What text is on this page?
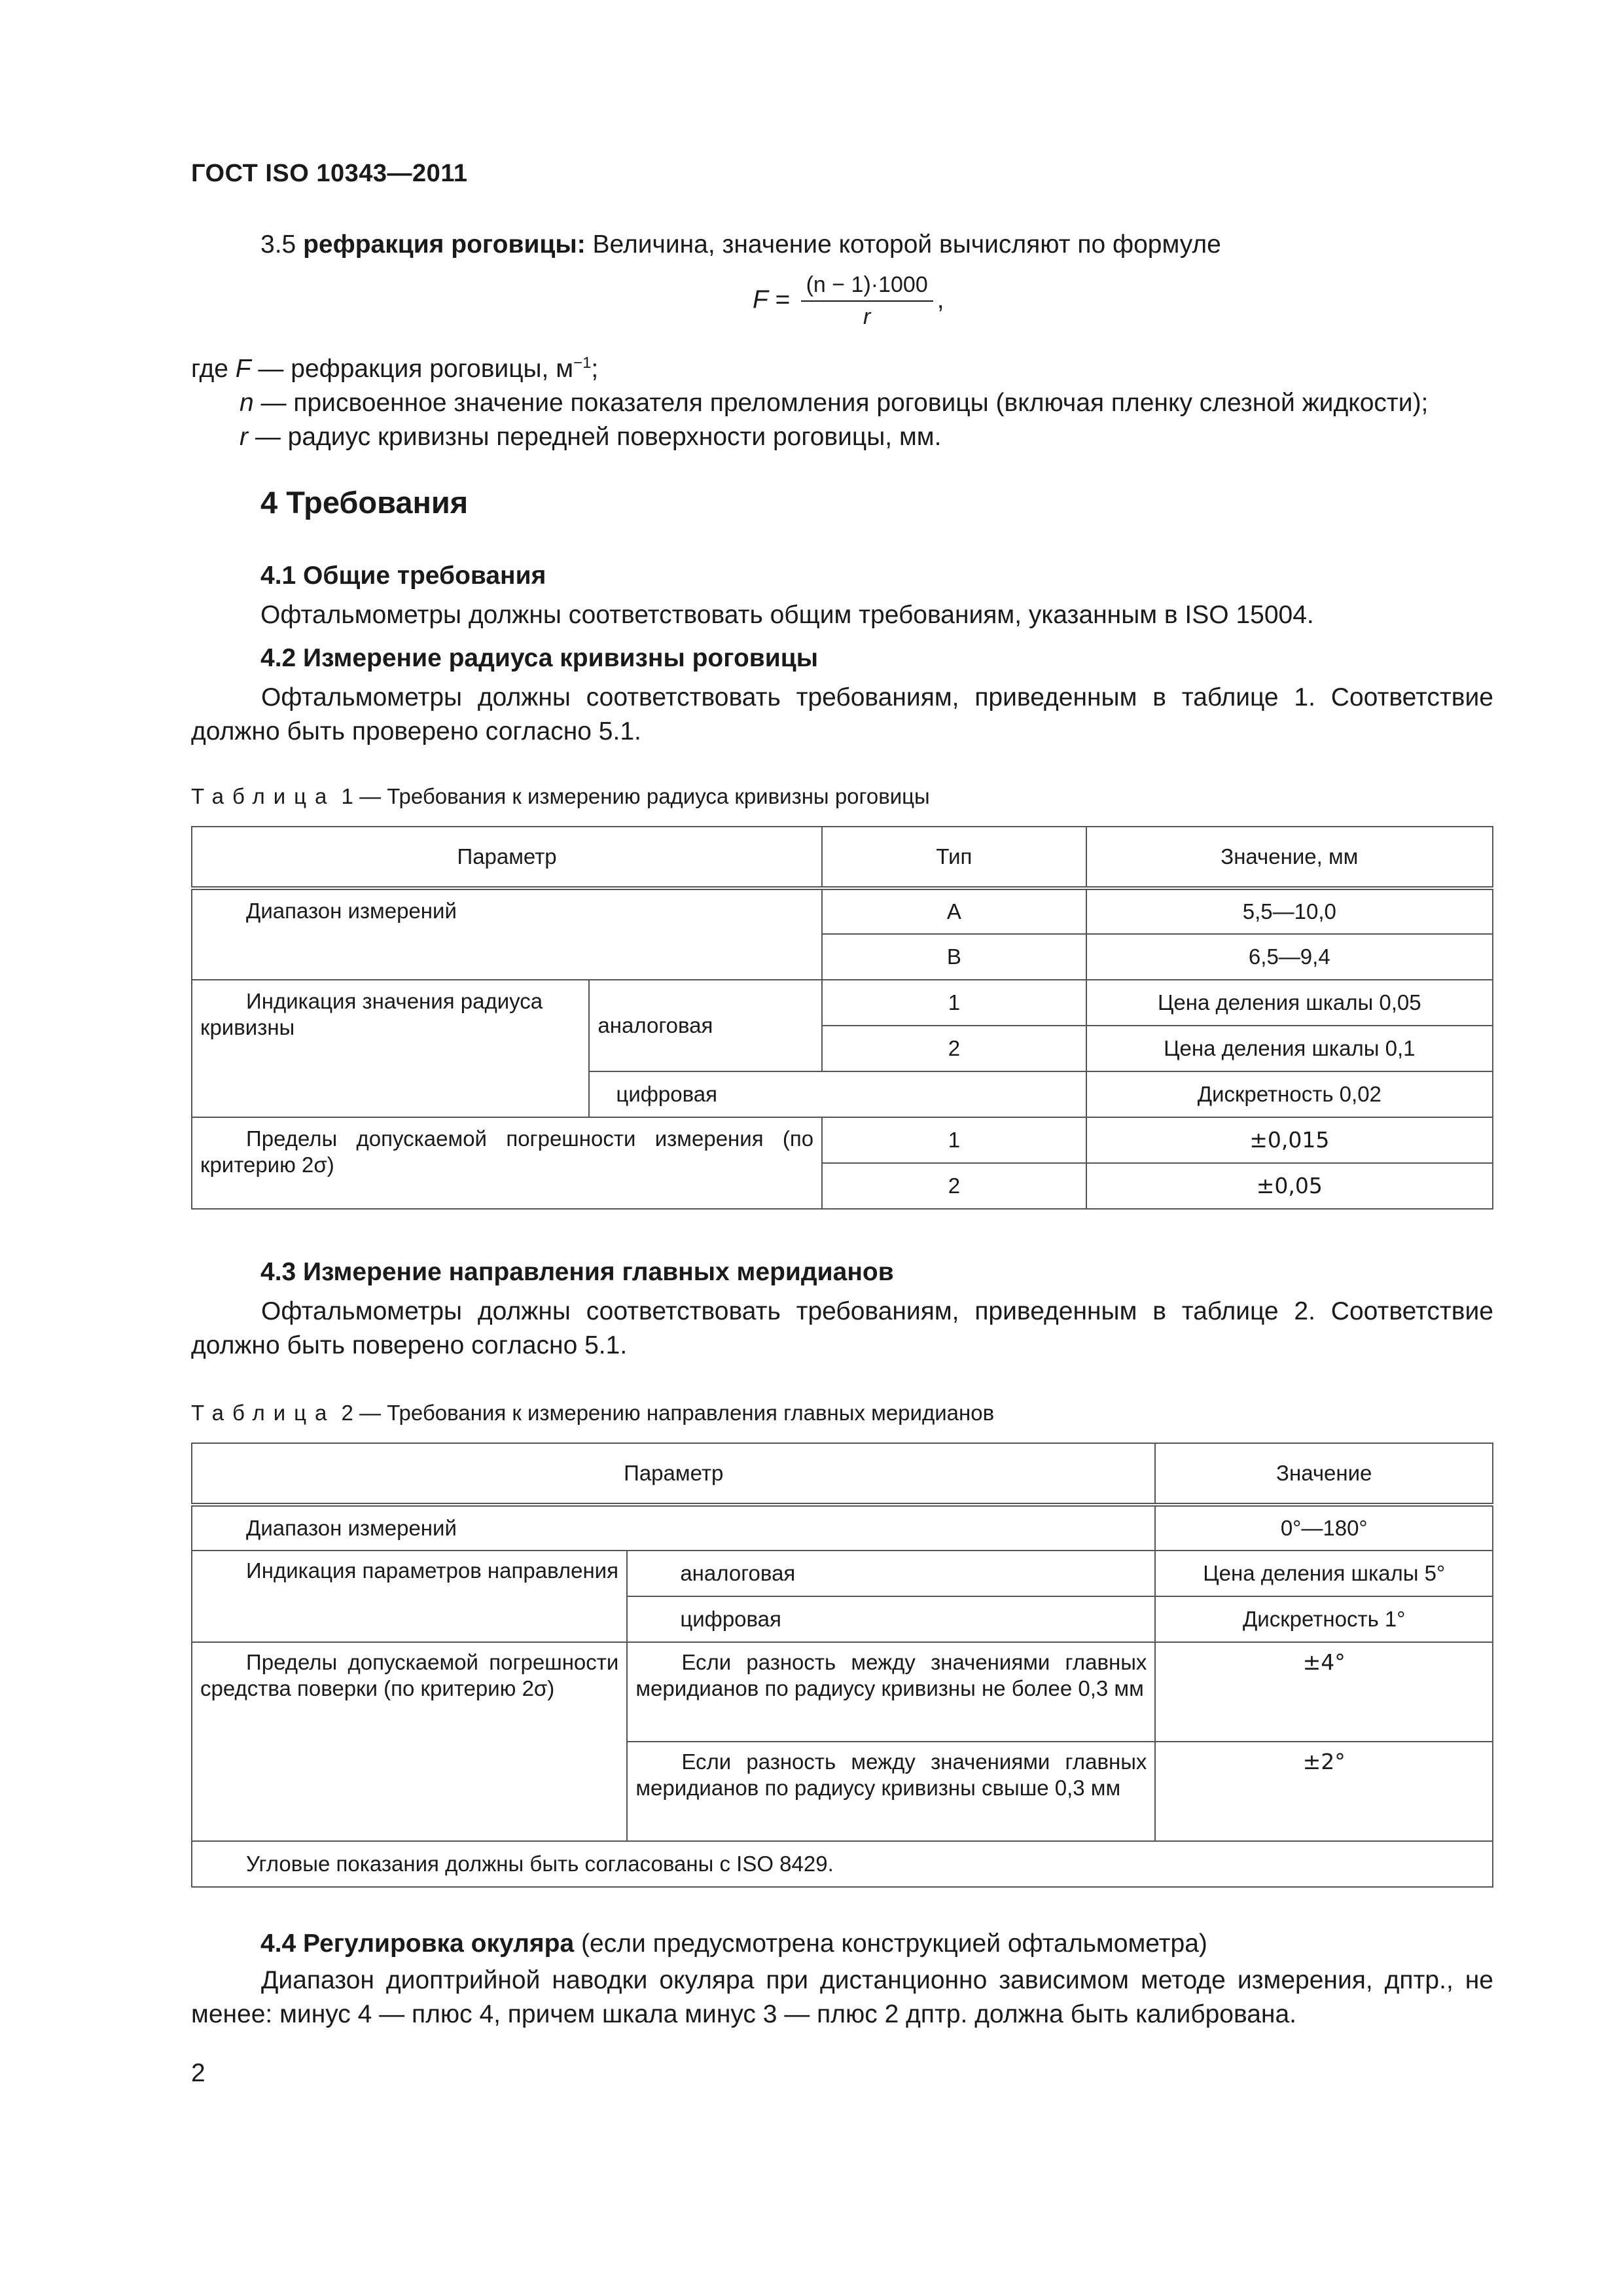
ГОСТ ISO 10343—2011
3.5 рефракция роговицы: Величина, значение которой вычисляют по формуле
$F = \frac{(n - 1)\cdot 1000}{r}$ ,
где F — рефракция роговицы, $м^{-1}$;
n — присвоенное значение показателя преломления роговицы (включая пленку слезной жидкости);
r — радиус кривизны передней поверхности роговицы, мм.
4 Требования
4.1 Общие требования
Офтальмометры должны соответствовать общим требованиям, указанным в ISO 15004.
4.2 Измерение радиуса кривизны роговицы
Офтальмометры должны соответствовать требованиям, приведенным в таблице 1. Соответствие должно быть проверено согласно 5.1.
Таблица 1 — Требования к измерению радиуса кривизны роговицы
Параметр		Тип	Значение, мм
Диапазон измерений		A	5,5—10,0
		B	6,5—9,4
Индикация значения радиуса кривизны	аналоговая	1	Цена деления шкалы 0,05
		2	Цена деления шкалы 0,1
	цифровая		Дискретность 0,02
Пределы допускаемой погрешности измерения (по критерию 2σ)		1	±0,015
		2	±0,05
4.3 Измерение направления главных меридианов
Офтальмометры должны соответствовать требованиям, приведенным в таблице 2. Соответствие должно быть поверено согласно 5.1.
Таблица 2 — Требования к измерению направления главных меридианов
Параметр		Значение
Диапазон измерений		0°—180°
Индикация параметров направления	аналоговая	Цена деления шкалы 5°
	цифровая	Дискретность 1°
Пределы допускаемой погрешности средства поверки (по критерию 2σ)	Если разность между значениями главных меридианов по радиусу кривизны не более 0,3 мм	±4°
	Если разность между значениями главных меридианов по радиусу кривизны свыше 0,3 мм	±2°
Угловые показания должны быть согласованы с ISO 8429.		
4.4 Регулировка окуляра (если предусмотрена конструкцией офтальмометра)
Диапазон диоптрийной наводки окуляра при дистанционно зависимом методе измерения, дптр., не менее: минус 4 — плюс 4, причем шкала минус 3 — плюс 2 дптр. должна быть калибрована.
2
